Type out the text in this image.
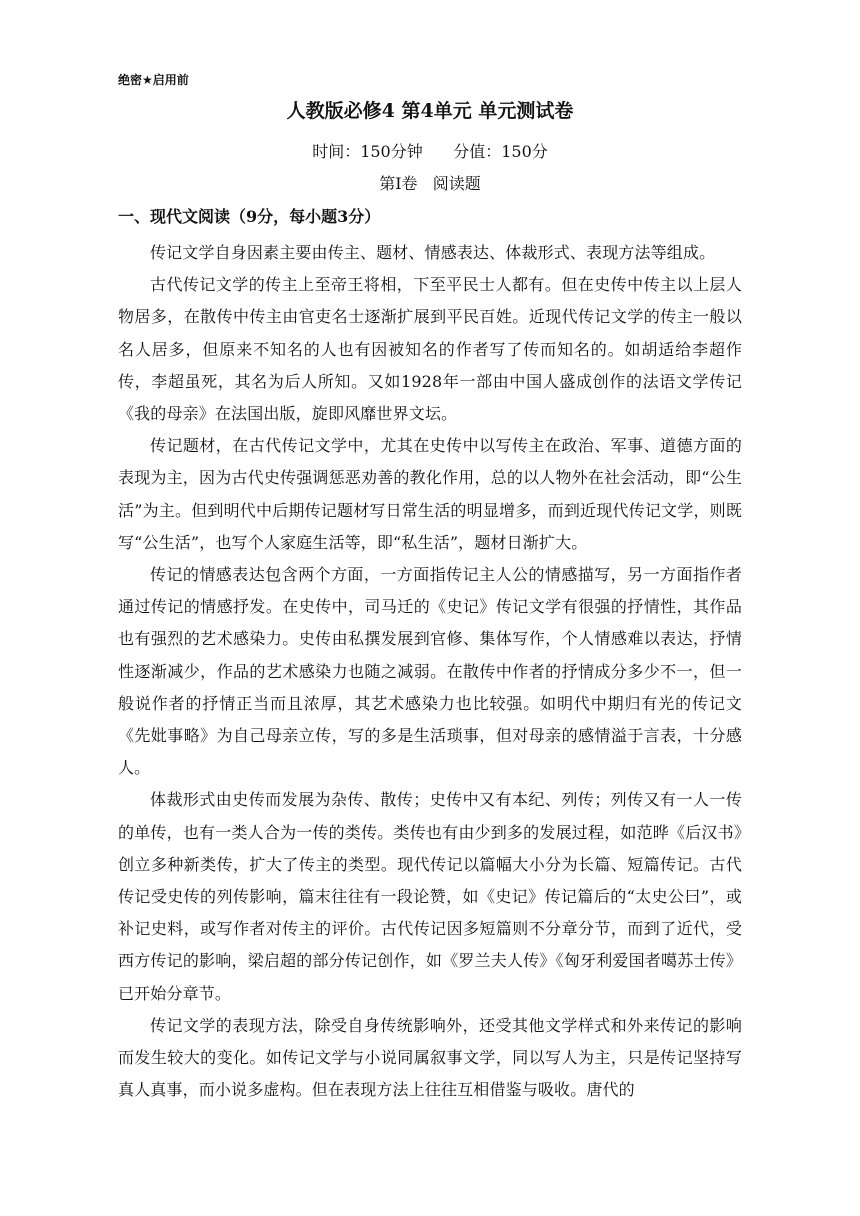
绝密★启用前
人教版必修4 第4单元 单元测试卷
时间：150分钟      分值：150分
第I卷   阅读题
一、现代文阅读（9分，每小题3分）

传记文学自身因素主要由传主、题材、情感表达、体裁形式、表现方法等组成。

古代传记文学的传主上至帝王将相，下至平民士人都有。但在史传中传主以上层人物居多，在散传中传主由官吏名士逐渐扩展到平民百姓。近现代传记文学的传主一般以名人居多，但原来不知名的人也有因被知名的作者写了传而知名的。如胡适给李超作传，李超虽死，其名为后人所知。又如1928年一部由中国人盛成创作的法语文学传记《我的母亲》在法国出版，旋即风靡世界文坛。

传记题材，在古代传记文学中，尤其在史传中以写传主在政治、军事、道德方面的表现为主，因为古代史传强调惩恶劝善的教化作用，总的以人物外在社会活动，即“公生活”为主。但到明代中后期传记题材写日常生活的明显增多，而到近现代传记文学，则既写“公生活”，也写个人家庭生活等，即“私生活”，题材日渐扩大。

传记的情感表达包含两个方面，一方面指传记主人公的情感描写，另一方面指作者通过传记的情感抒发。在史传中，司马迁的《史记》传记文学有很强的抒情性，其作品也有强烈的艺术感染力。史传由私撰发展到官修、集体写作，个人情感难以表达，抒情性逐渐减少，作品的艺术感染力也随之减弱。在散传中作者的抒情成分多少不一，但一般说作者的抒情正当而且浓厚，其艺术感染力也比较强。如明代中期归有光的传记文《先妣事略》为自己母亲立传，写的多是生活琐事，但对母亲的感情溢于言表，十分感人。

体裁形式由史传而发展为杂传、散传；史传中又有本纪、列传；列传又有一人一传的单传，也有一类人合为一传的类传。类传也有由少到多的发展过程，如范晔《后汉书》创立多种新类传，扩大了传主的类型。现代传记以篇幅大小分为长篇、短篇传记。古代传记受史传的列传影响，篇末往往有一段论赞，如《史记》传记篇后的“太史公曰”，或补记史料，或写作者对传主的评价。古代传记因多短篇则不分章分节，而到了近代，受西方传记的影响，梁启超的部分传记创作，如《罗兰夫人传》《匈牙利爱国者噶苏士传》已开始分章节。

传记文学的表现方法，除受自身传统影响外，还受其他文学样式和外来传记的影响而发生较大的变化。如传记文学与小说同属叙事文学，同以写人为主，只是传记坚持写真人真事，而小说多虚构。但在表现方法上往往互相借鉴与吸收。唐代的
